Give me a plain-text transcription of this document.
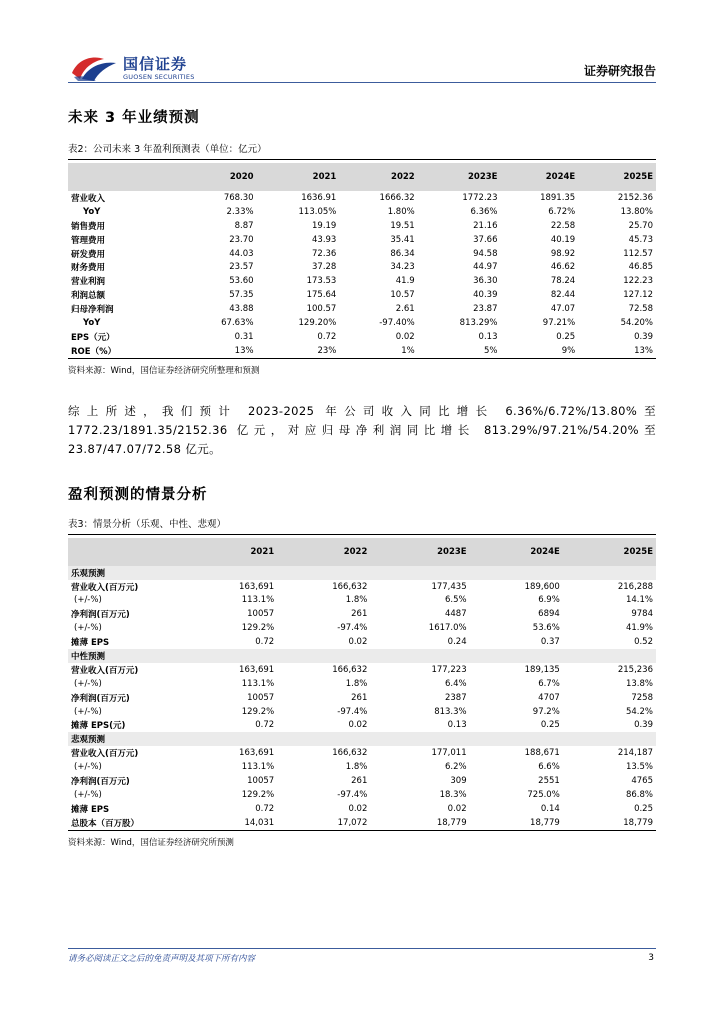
国信证券
GUOSEN SECURITIES	证券研究报告
未来 3 年业绩预测
表2：公司未来 3 年盈利预测表（单位：亿元）
	2020	2021	2022	2023E	2024E	2025E
营业收入	768.30	1636.91	1666.32	1772.23	1891.35	2152.36
YoY	2.33%	113.05%	1.80%	6.36%	6.72%	13.80%
销售费用	8.87	19.19	19.51	21.16	22.58	25.70
管理费用	23.70	43.93	35.41	37.66	40.19	45.73
研发费用	44.03	72.36	86.34	94.58	98.92	112.57
财务费用	23.57	37.28	34.23	44.97	46.62	46.85
营业利润	53.60	173.53	41.9	36.30	78.24	122.23
利润总额	57.35	175.64	10.57	40.39	82.44	127.12
归母净利润	43.88	100.57	2.61	23.87	47.07	72.58
YoY	67.63%	129.20%	-97.40%	813.29%	97.21%	54.20%
EPS（元）	0.31	0.72	0.02	0.13	0.25	0.39
ROE（%）	13%	23%	1%	5%	9%	13%
资料来源：Wind，国信证券经济研究所整理和预测

综上所述，我们预计 2023-2025 年公司收入同比增长 6.36%/6.72%/13.80%至 1772.23/1891.35/2152.36 亿元，对应归母净利润同比增长 813.29%/97.21%/54.20%至 23.87/47.07/72.58 亿元。

盈利预测的情景分析
表3：情景分析（乐观、中性、悲观）
	2021	2022	2023E	2024E	2025E
乐观预测					
营业收入(百万元)	163,691	166,632	177,435	189,600	216,288
(+/-%)	113.1%	1.8%	6.5%	6.9%	14.1%
净利润(百万元)	10057	261	4487	6894	9784
(+/-%)	129.2%	-97.4%	1617.0%	53.6%	41.9%
摊薄 EPS	0.72	0.02	0.24	0.37	0.52
中性预测					
营业收入(百万元)	163,691	166,632	177,223	189,135	215,236
(+/-%)	113.1%	1.8%	6.4%	6.7%	13.8%
净利润(百万元)	10057	261	2387	4707	7258
(+/-%)	129.2%	-97.4%	813.3%	97.2%	54.2%
摊薄 EPS(元)	0.72	0.02	0.13	0.25	0.39
悲观预测					
营业收入(百万元)	163,691	166,632	177,011	188,671	214,187
(+/-%)	113.1%	1.8%	6.2%	6.6%	13.5%
净利润(百万元)	10057	261	309	2551	4765
(+/-%)	129.2%	-97.4%	18.3%	725.0%	86.8%
摊薄 EPS	0.72	0.02	0.02	0.14	0.25
总股本（百万股）	14,031	17,072	18,779	18,779	18,779
资料来源：Wind，国信证券经济研究所预测
请务必阅读正文之后的免责声明及其项下所有内容	3
